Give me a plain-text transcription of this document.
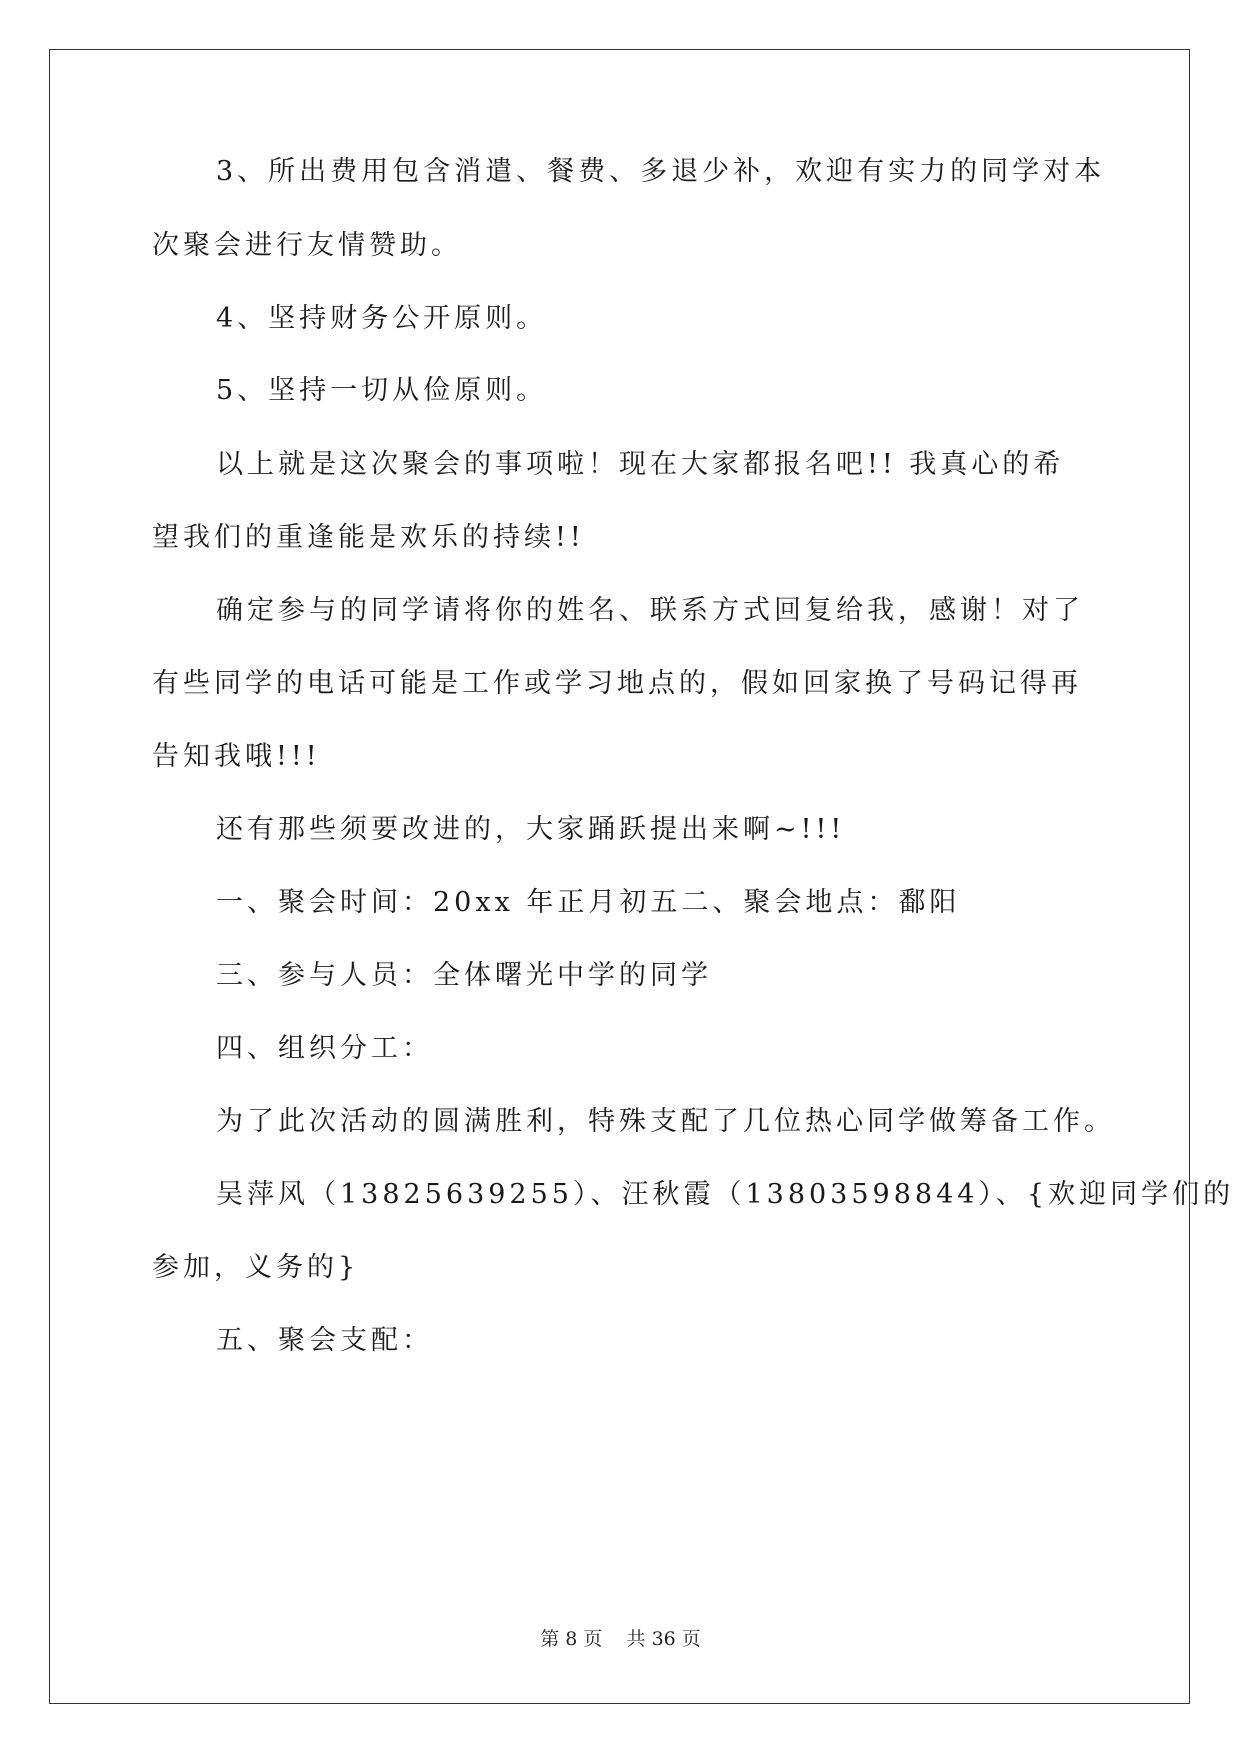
3、所出费用包含消遣、餐费、多退少补，欢迎有实力的同学对本
次聚会进行友情赞助。
4、坚持财务公开原则。
5、坚持一切从俭原则。
以上就是这次聚会的事项啦！现在大家都报名吧!! 我真心的希
望我们的重逢能是欢乐的持续!!
确定参与的同学请将你的姓名、联系方式回复给我，感谢！对了
有些同学的电话可能是工作或学习地点的，假如回家换了号码记得再
告知我哦!!!
还有那些须要改进的，大家踊跃提出来啊~!!!
一、聚会时间：20xx 年正月初五二、聚会地点：鄱阳
三、参与人员：全体曙光中学的同学
四、组织分工：
为了此次活动的圆满胜利，特殊支配了几位热心同学做筹备工作。
吴萍风（13825639255）、汪秋霞（13803598844）、{欢迎同学们的
参加，义务的}
五、聚会支配：
第 8 页 共 36 页
